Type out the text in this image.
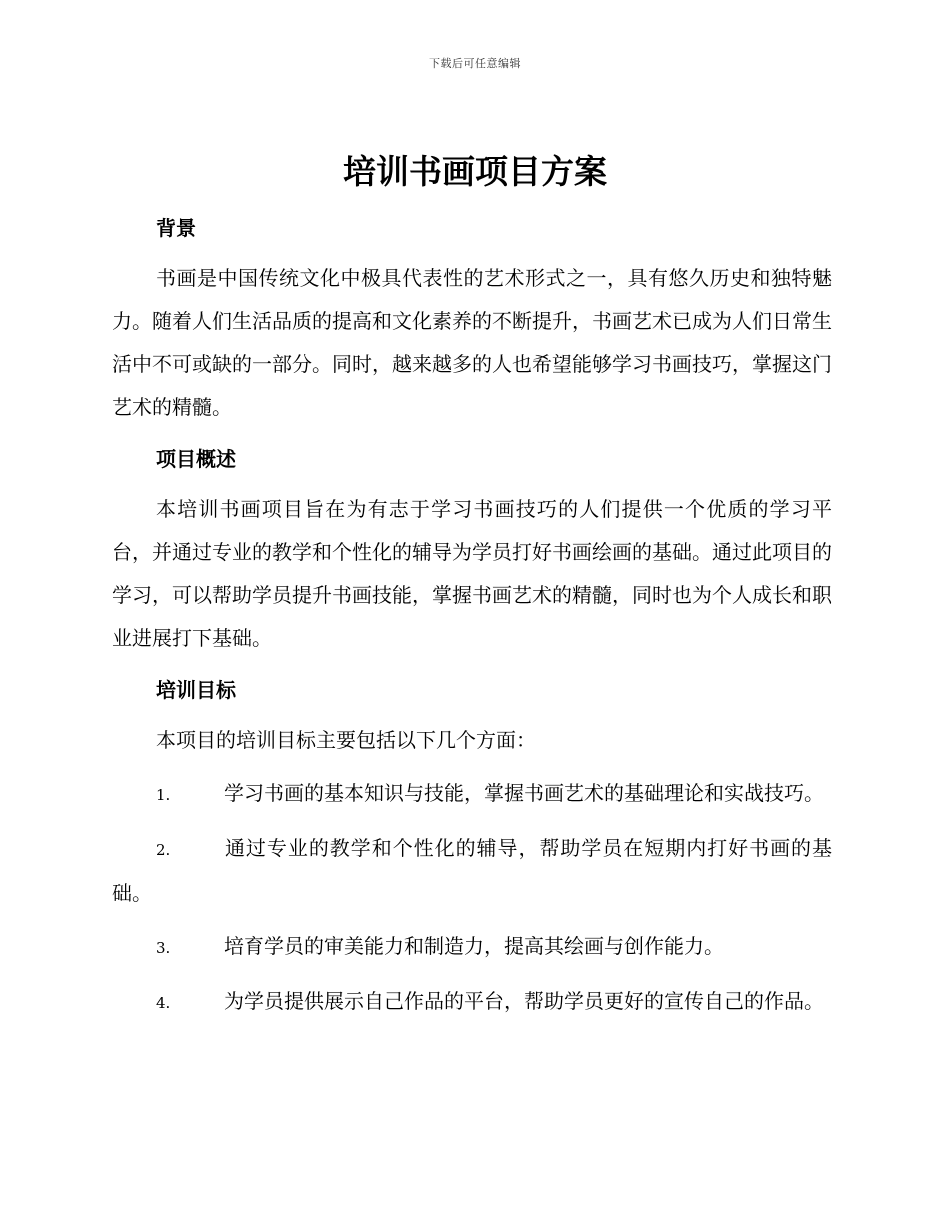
下载后可任意编辑
培训书画项目方案
背景

书画是中国传统文化中极具代表性的艺术形式之一，具有悠久历史和独特魅力。随着人们生活品质的提高和文化素养的不断提升，书画艺术已成为人们日常生活中不可或缺的一部分。同时，越来越多的人也希望能够学习书画技巧，掌握这门艺术的精髓。

项目概述

本培训书画项目旨在为有志于学习书画技巧的人们提供一个优质的学习平台，并通过专业的教学和个性化的辅导为学员打好书画绘画的基础。通过此项目的学习，可以帮助学员提升书画技能，掌握书画艺术的精髓，同时也为个人成长和职业进展打下基础。

培训目标

本项目的培训目标主要包括以下几个方面：

1.	学习书画的基本知识与技能，掌握书画艺术的基础理论和实战技巧。

2.	通过专业的教学和个性化的辅导，帮助学员在短期内打好书画的基础。

3.	培育学员的审美能力和制造力，提高其绘画与创作能力。

4.	为学员提供展示自己作品的平台，帮助学员更好的宣传自己的作品。
